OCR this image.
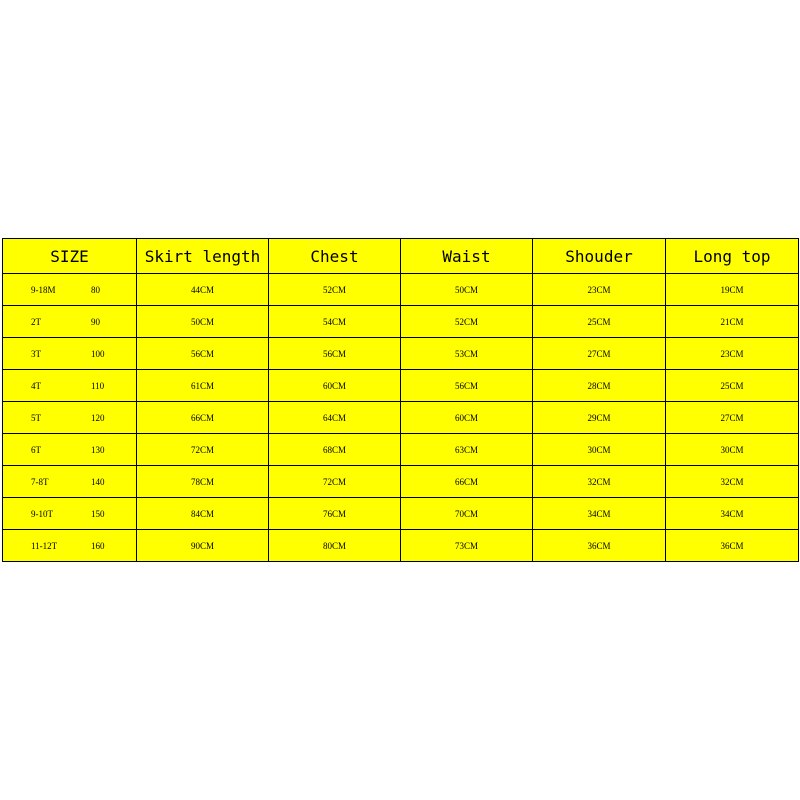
SIZE	Skirt length	Chest	Waist	Shouder	Long top

9-18M 80	44CM	52CM	50CM	23CM	19CM

2T 90	50CM	54CM	52CM	25CM	21CM

3T 100	56CM	56CM	53CM	27CM	23CM

4T 110	61CM	60CM	56CM	28CM	25CM

5T 120	66CM	64CM	60CM	29CM	27CM

6T 130	72CM	68CM	63CM	30CM	30CM

7-8T 140	78CM	72CM	66CM	32CM	32CM

9-10T 150	84CM	76CM	70CM	34CM	34CM

11-12T 160	90CM	80CM	73CM	36CM	36CM
